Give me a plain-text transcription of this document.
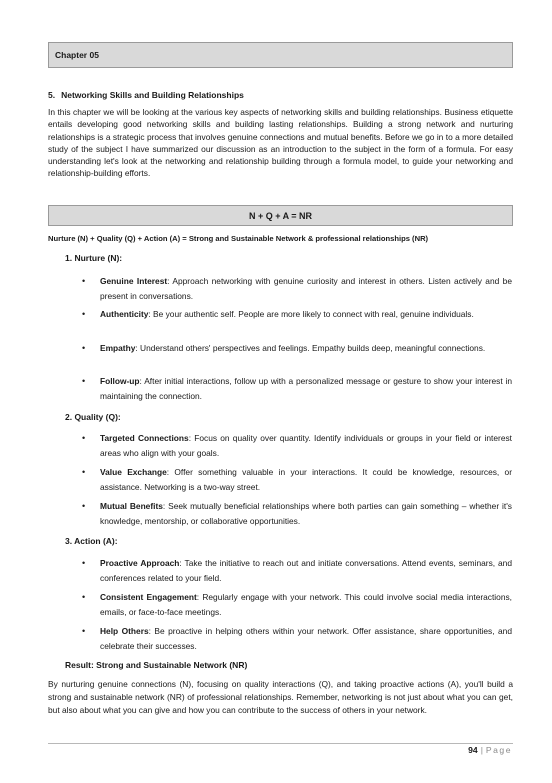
Chapter 05
5. Networking Skills and Building Relationships

In this chapter we will be looking at the various key aspects of networking skills and building relationships. Business etiquette entails developing good networking skills and building lasting relationships. Building a strong network and nurturing relationships is a strategic process that involves genuine connections and mutual benefits. Before we go in to a more detailed study of the subject I have summarized our discussion as an introduction to the subject in the form of a formula. For easy understanding let's look at the networking and relationship building through a formula model, to guide your networking and relationship-building efforts.

N + Q + A = NR
Nurture (N) + Quality (Q) + Action (A) = Strong and Sustainable Network & professional relationships (NR)
1. Nurture (N):
• Genuine Interest: Approach networking with genuine curiosity and interest in others. Listen actively and be present in conversations.
• Authenticity: Be your authentic self. People are more likely to connect with real, genuine individuals.
• Empathy: Understand others' perspectives and feelings. Empathy builds deep, meaningful connections.
• Follow-up: After initial interactions, follow up with a personalized message or gesture to show your interest in maintaining the connection.
2. Quality (Q):
• Targeted Connections: Focus on quality over quantity. Identify individuals or groups in your field or interest areas who align with your goals.
• Value Exchange: Offer something valuable in your interactions. It could be knowledge, resources, or assistance. Networking is a two-way street.
• Mutual Benefits: Seek mutually beneficial relationships where both parties can gain something – whether it's knowledge, mentorship, or collaborative opportunities.
3. Action (A):
• Proactive Approach: Take the initiative to reach out and initiate conversations. Attend events, seminars, and conferences related to your field.
• Consistent Engagement: Regularly engage with your network. This could involve social media interactions, emails, or face-to-face meetings.
• Help Others: Be proactive in helping others within your network. Offer assistance, share opportunities, and celebrate their successes.
Result: Strong and Sustainable Network (NR)

By nurturing genuine connections (N), focusing on quality interactions (Q), and taking proactive actions (A), you'll build a strong and sustainable network (NR) of professional relationships. Remember, networking is not just about what you can get, but also about what you can give and how you can contribute to the success of others in your network.

94 | Page
